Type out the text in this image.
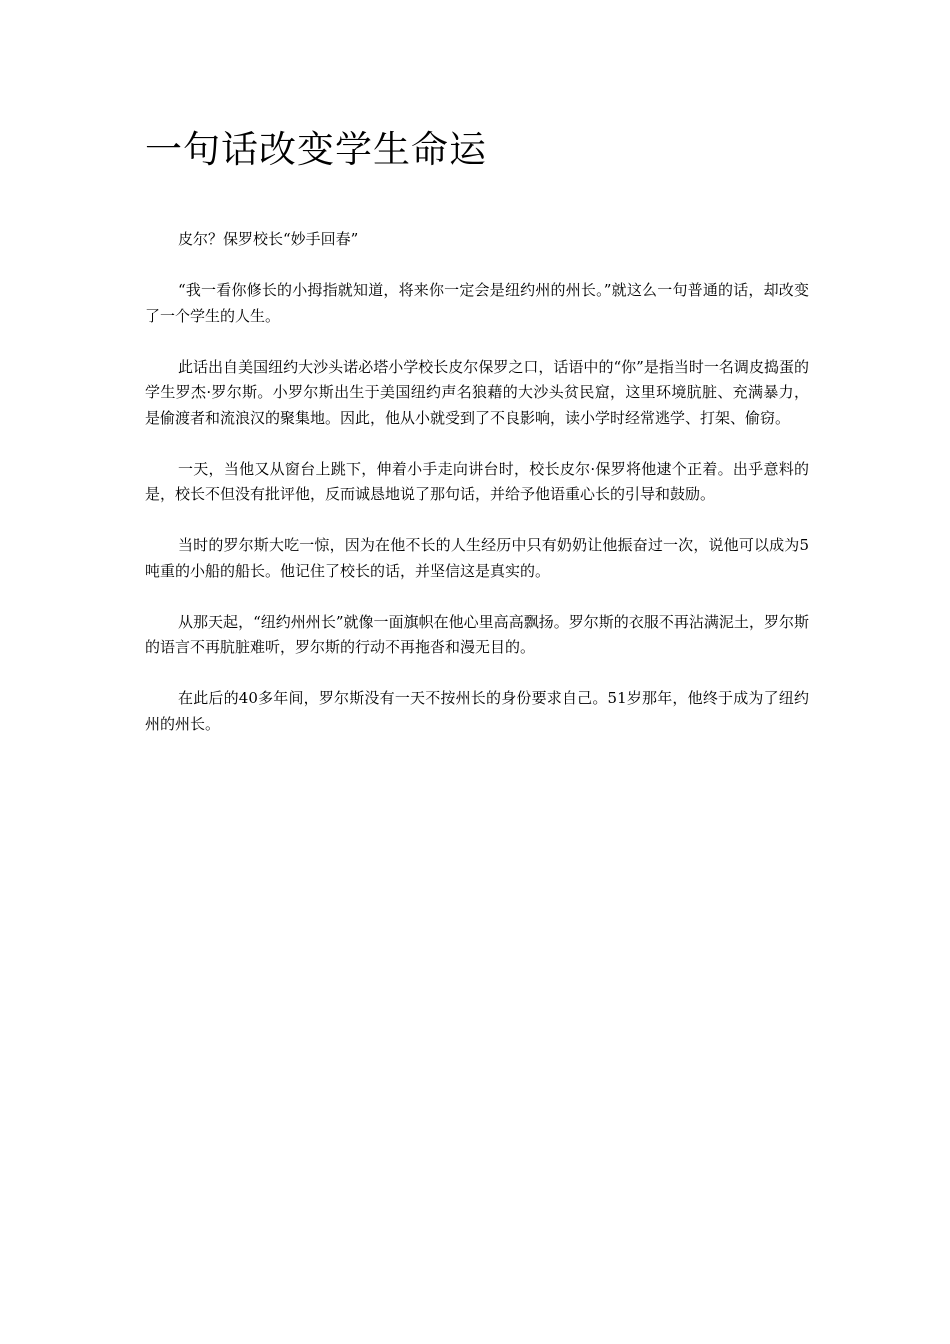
一句话改变学生命运

皮尔？保罗校长“妙手回春”

“我一看你修长的小拇指就知道，将来你一定会是纽约州的州长。”就这么一句普通的话，却改变了一个学生的人生。

此话出自美国纽约大沙头诺必塔小学校长皮尔保罗之口，话语中的“你”是指当时一名调皮捣蛋的学生罗杰·罗尔斯。小罗尔斯出生于美国纽约声名狼藉的大沙头贫民窟，这里环境肮脏、充满暴力，是偷渡者和流浪汉的聚集地。因此，他从小就受到了不良影响，读小学时经常逃学、打架、偷窃。

一天，当他又从窗台上跳下，伸着小手走向讲台时，校长皮尔·保罗将他逮个正着。出乎意料的是，校长不但没有批评他，反而诚恳地说了那句话，并给予他语重心长的引导和鼓励。

当时的罗尔斯大吃一惊，因为在他不长的人生经历中只有奶奶让他振奋过一次，说他可以成为5吨重的小船的船长。他记住了校长的话，并坚信这是真实的。

从那天起，“纽约州州长”就像一面旗帜在他心里高高飘扬。罗尔斯的衣服不再沾满泥土，罗尔斯的语言不再肮脏难听，罗尔斯的行动不再拖沓和漫无目的。

在此后的40多年间，罗尔斯没有一天不按州长的身份要求自己。51岁那年，他终于成为了纽约州的州长。
